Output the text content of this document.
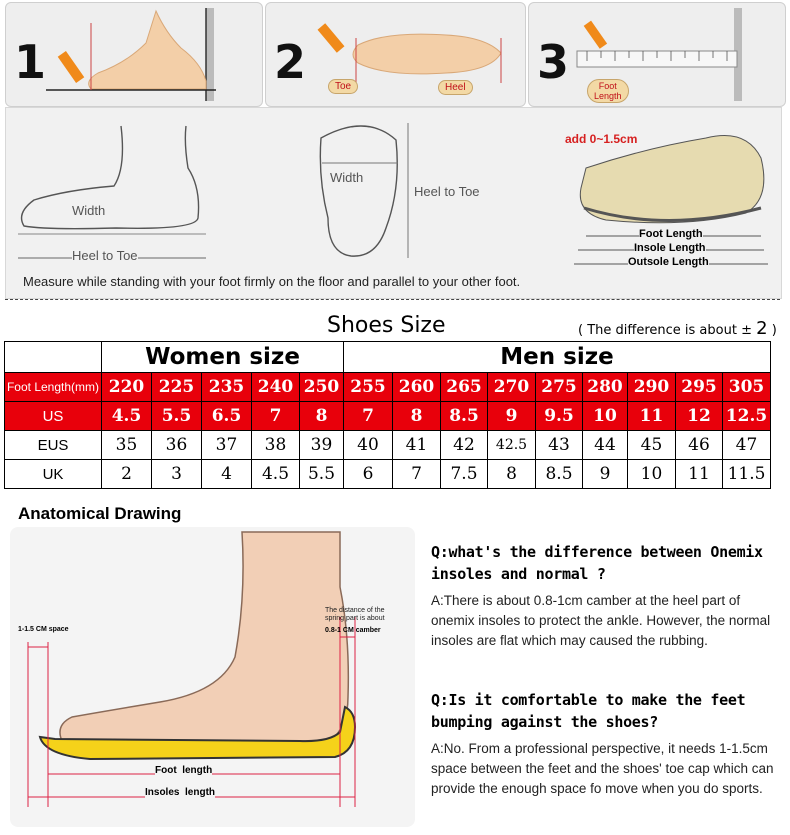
1	2	Toe	Heel 3	Foot
Length
Width
Heel to Toe
Width
Heel to Toe
add 0~1.5cm
Foot Length
Insole Length
Outsole Length
Measure while standing with your foot firmly on the floor and parallel to your other foot.
Shoes Size	( The difference is about ± 2 )
	Women size					Men size								
Foot Length(mm)	220	225	235	240	250	255	260	265	270	275	280	290	295	305
US	4.5	5.5	6.5	7	8	7	8	8.5	9	9.5	10	11	12	12.5
EUS	35	36	37	38	39	40	41	42	42.5	43	44	45	46	47
UK	2	3	4	4.5	5.5	6	7	7.5	8	8.5	9	10	11	11.5
Anatomical Drawing
1-1.5 CM space
The distance of the spring part is about
0.8-1 CM camber
Foot  length
Insoles  length
Q:what's the difference between Onemix insoles and normal ?
A:There is about 0.8-1cm camber at the heel part of onemix insoles to protect the ankle. However, the normal insoles are flat which may caused the rubbing.
Q:Is it comfortable to make the feet bumping against the shoes?
A:No. From a professional perspective, it needs 1-1.5cm space between the feet and the shoes' toe cap which can provide the enough space fo move when you do sports.
